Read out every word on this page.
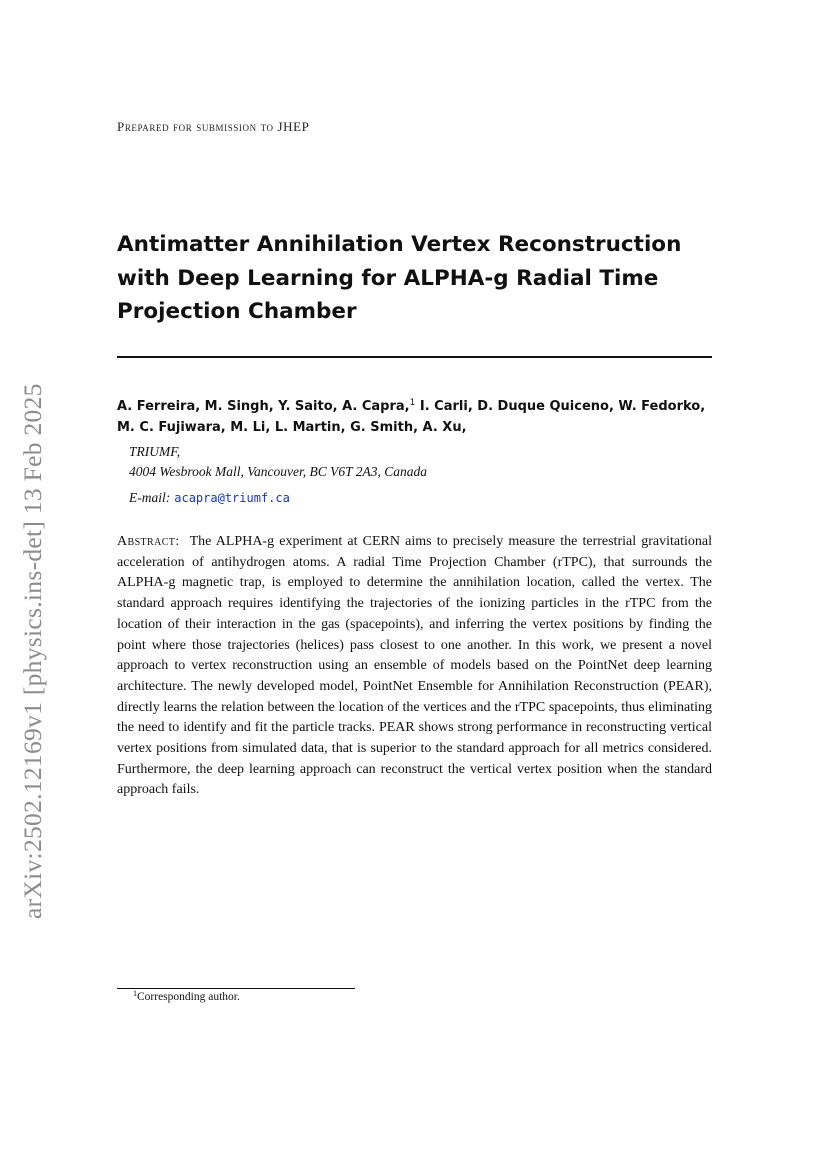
arXiv:2502.12169v1 [physics.ins-det] 13 Feb 2025
Prepared for submission to JHEP
Antimatter Annihilation Vertex Reconstruction with Deep Learning for ALPHA-g Radial Time Projection Chamber
A. Ferreira, M. Singh, Y. Saito, A. Capra,$^1$ I. Carli, D. Duque Quiceno, W. Fedorko,
M. C. Fujiwara, M. Li, L. Martin, G. Smith, A. Xu,
TRIUMF,
4004 Wesbrook Mall, Vancouver, BC V6T 2A3, Canada
E-mail: acapra@triumf.ca
Abstract: The ALPHA-g experiment at CERN aims to precisely measure the terrestrial gravitational acceleration of antihydrogen atoms. A radial Time Projection Chamber (rTPC), that surrounds the ALPHA-g magnetic trap, is employed to determine the annihilation location, called the vertex. The standard approach requires identifying the trajectories of the ionizing particles in the rTPC from the location of their interaction in the gas (spacepoints), and inferring the vertex positions by finding the point where those trajectories (helices) pass closest to one another. In this work, we present a novel approach to vertex reconstruction using an ensemble of models based on the PointNet deep learning architecture. The newly developed model, PointNet Ensemble for Annihilation Reconstruction (PEAR), directly learns the relation between the location of the vertices and the rTPC spacepoints, thus eliminating the need to identify and fit the particle tracks. PEAR shows strong performance in reconstructing vertical vertex positions from simulated data, that is superior to the standard approach for all metrics considered. Furthermore, the deep learning approach can reconstruct the vertical vertex position when the standard approach fails.
$^1$Corresponding author.
